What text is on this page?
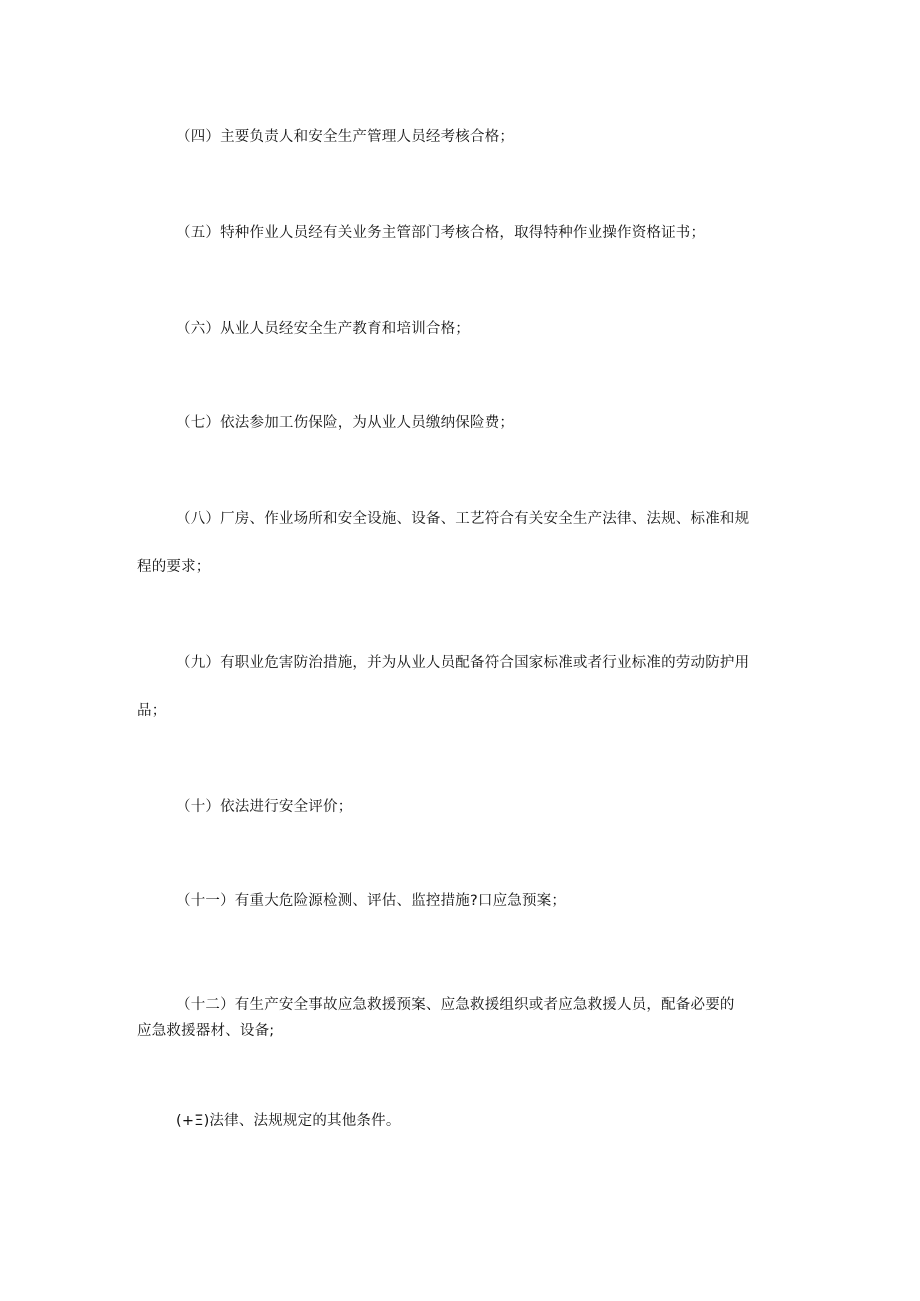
（四）主要负责人和安全生产管理人员经考核合格；
（五）特种作业人员经有关业务主管部门考核合格，取得特种作业操作资格证书；
（六）从业人员经安全生产教育和培训合格；
（七）依法参加工伤保险，为从业人员缴纳保险费；
（八）厂房、作业场所和安全设施、设备、工艺符合有关安全生产法律、法规、标准和规
程的要求；
（九）有职业危害防治措施，并为从业人员配备符合国家标准或者行业标准的劳动防护用
品；
（十）依法进行安全评价；
（十一）有重大危险源检测、评估、监控措施?口应急预案；
（十二）有生产安全事故应急救援预案、应急救援组织或者应急救援人员，配备必要的
应急救援器材、设备;
(+Ξ)法律、法规规定的其他条件。
